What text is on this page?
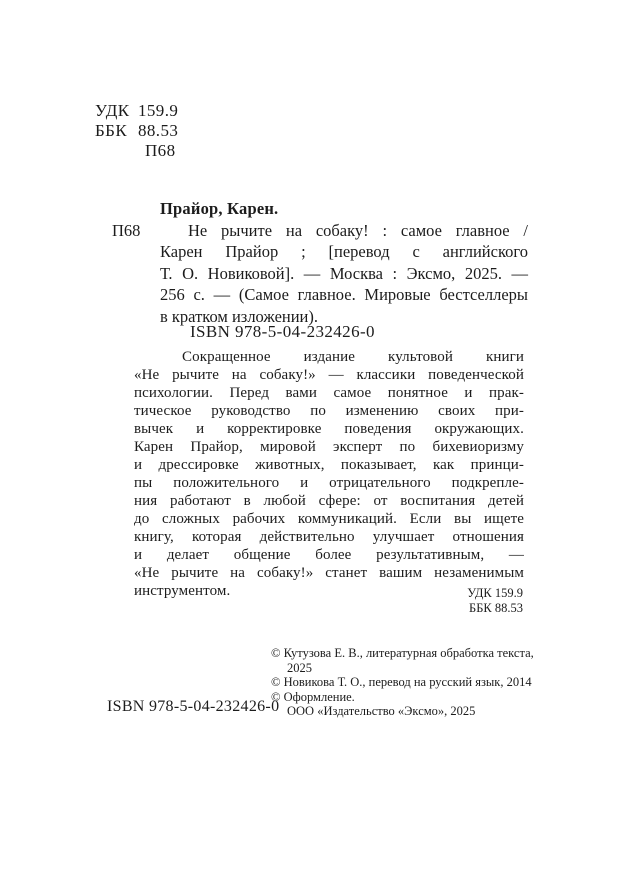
УДК 159.9
ББК 88.53
П68
Прайор, Карен.
П68	Не рычите на собаку! : самое главное /
Карен Прайор ; [перевод с английского
Т. О. Новиковой]. — Москва : Эксмо, 2025. —
256 с. — (Самое главное. Мировые бестселлеры
в кратком изложении).
ISBN 978-5-04-232426-0
Сокращенное издание культовой книги
«Не рычите на собаку!» — классики поведенческой
психологии. Перед вами самое понятное и прак-
тическое руководство по изменению своих при-
вычек и корректировке поведения окружающих.
Карен Прайор, мировой эксперт по бихевиоризму
и дрессировке животных, показывает, как принци-
пы положительного и отрицательного подкрепле-
ния работают в любой сфере: от воспитания детей
до сложных рабочих коммуникаций. Если вы ищете
книгу, которая действительно улучшает отношения
и делает общение более результативным, —
«Не рычите на собаку!» станет вашим незаменимым
инструментом.	УДК 159.9
ББК 88.53
© Кутузова Е. В., литературная обработка текста,
2025
© Новикова Т. О., перевод на русский язык, 2014
© Оформление.
ООО «Издательство «Эксмо», 2025
ISBN 978-5-04-232426-0
